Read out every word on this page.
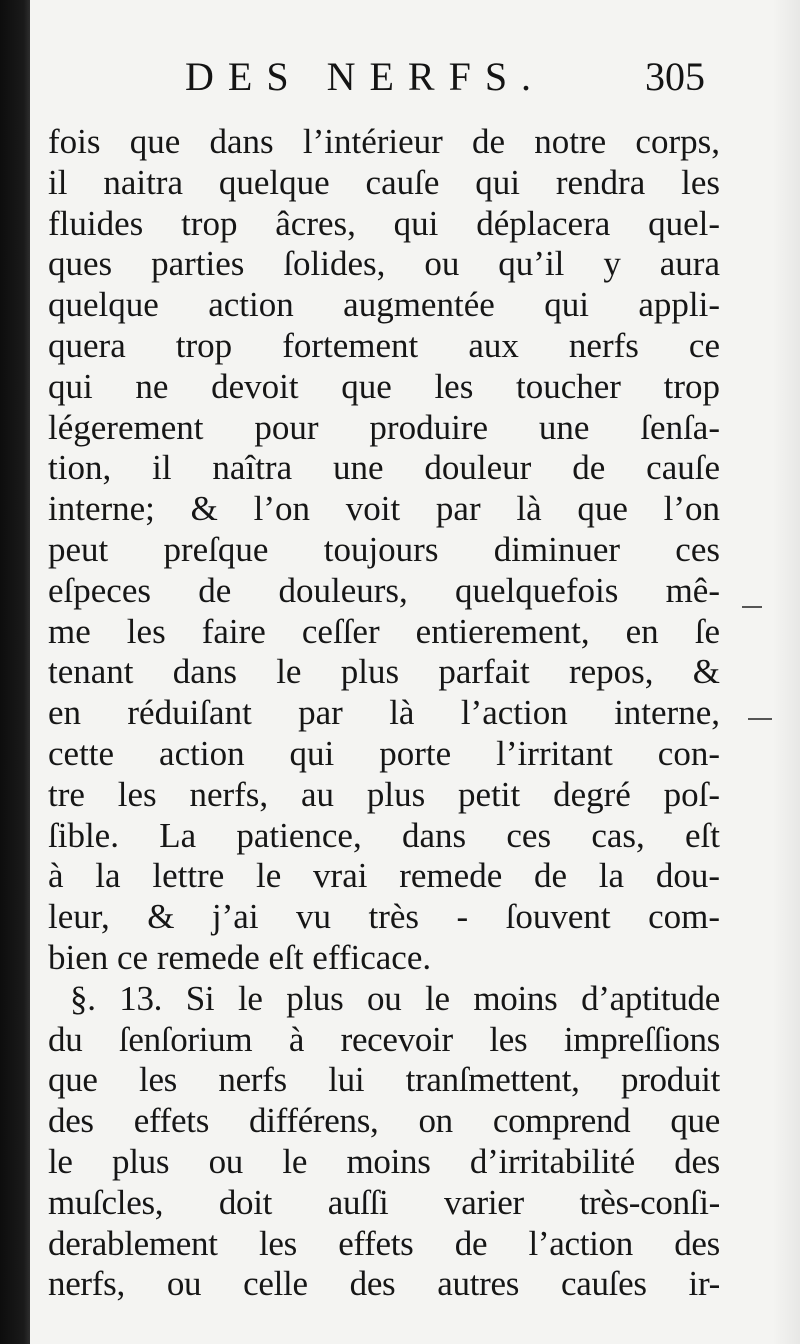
DES NERFS. 305
fois que dans l’intérieur de notre corps,
il naitra quelque cauſe qui rendra les
fluides trop âcres, qui déplacera quel-
ques parties ſolides, ou qu’il y aura
quelque action augmentée qui appli-
quera trop fortement aux nerfs ce
qui ne devoit que les toucher trop
légerement pour produire une ſenſa-
tion, il naîtra une douleur de cauſe
interne; & l’on voit par là que l’on
peut preſque toujours diminuer ces
eſpeces de douleurs, quelquefois mê-
me les faire ceſſer entierement, en ſe
tenant dans le plus parfait repos, &
en réduiſant par là l’action interne,
cette action qui porte l’irritant con-
tre les nerfs, au plus petit degré poſ-
ſible. La patience, dans ces cas, eſt
à la lettre le vrai remede de la dou-
leur, & j’ai vu très - ſouvent com-
bien ce remede eſt efficace.
§. 13. Si le plus ou le moins d’aptitude
du ſenſorium à recevoir les impreſſions
que les nerfs lui tranſmettent, produit
des effets différens, on comprend que
le plus ou le moins d’irritabilité des
muſcles, doit auſſi varier très-conſi-
derablement les effets de l’action des
nerfs, ou celle des autres cauſes ir-
